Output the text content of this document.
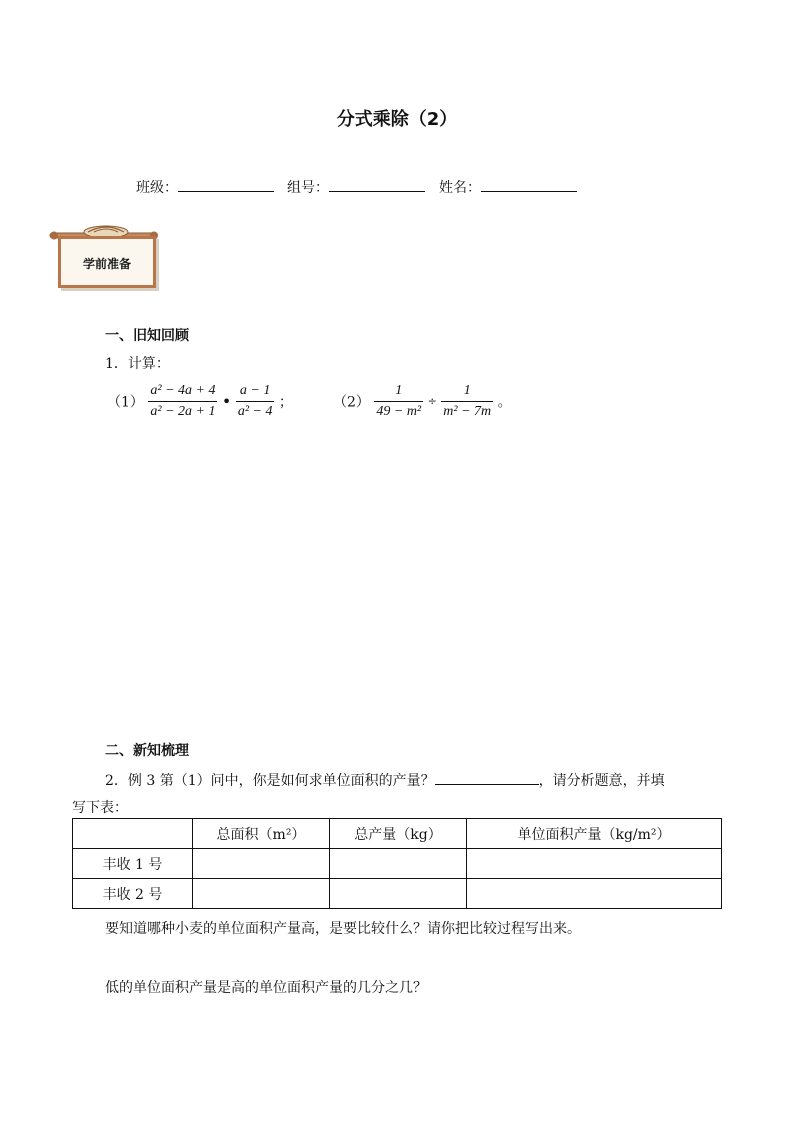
分式乘除（2）
班级：	组号：	姓名：
学前准备
一、旧知回顾
1．计算：
$(1) \frac{\text{a² − 4a + 4}}{\text{a² − 2a + 1}}$ • $\frac{a - 1}{\text{a² − 4}}$ ；	$(2) \frac{1}{\text{49 − m²}} \div \frac{1}{\text{m² − 7m}}$ 。
二、新知梳理
2．例 3 第（1）问中，你是如何求单位面积的产量？	，请分析题意，并填
写下表：
	总面积（m²）	总产量（kg）	单位面积产量（kg/m²）
丰收 1 号			
丰收 2 号			
要知道哪种小麦的单位面积产量高，是要比较什么？请你把比较过程写出来。
低的单位面积产量是高的单位面积产量的几分之几？
